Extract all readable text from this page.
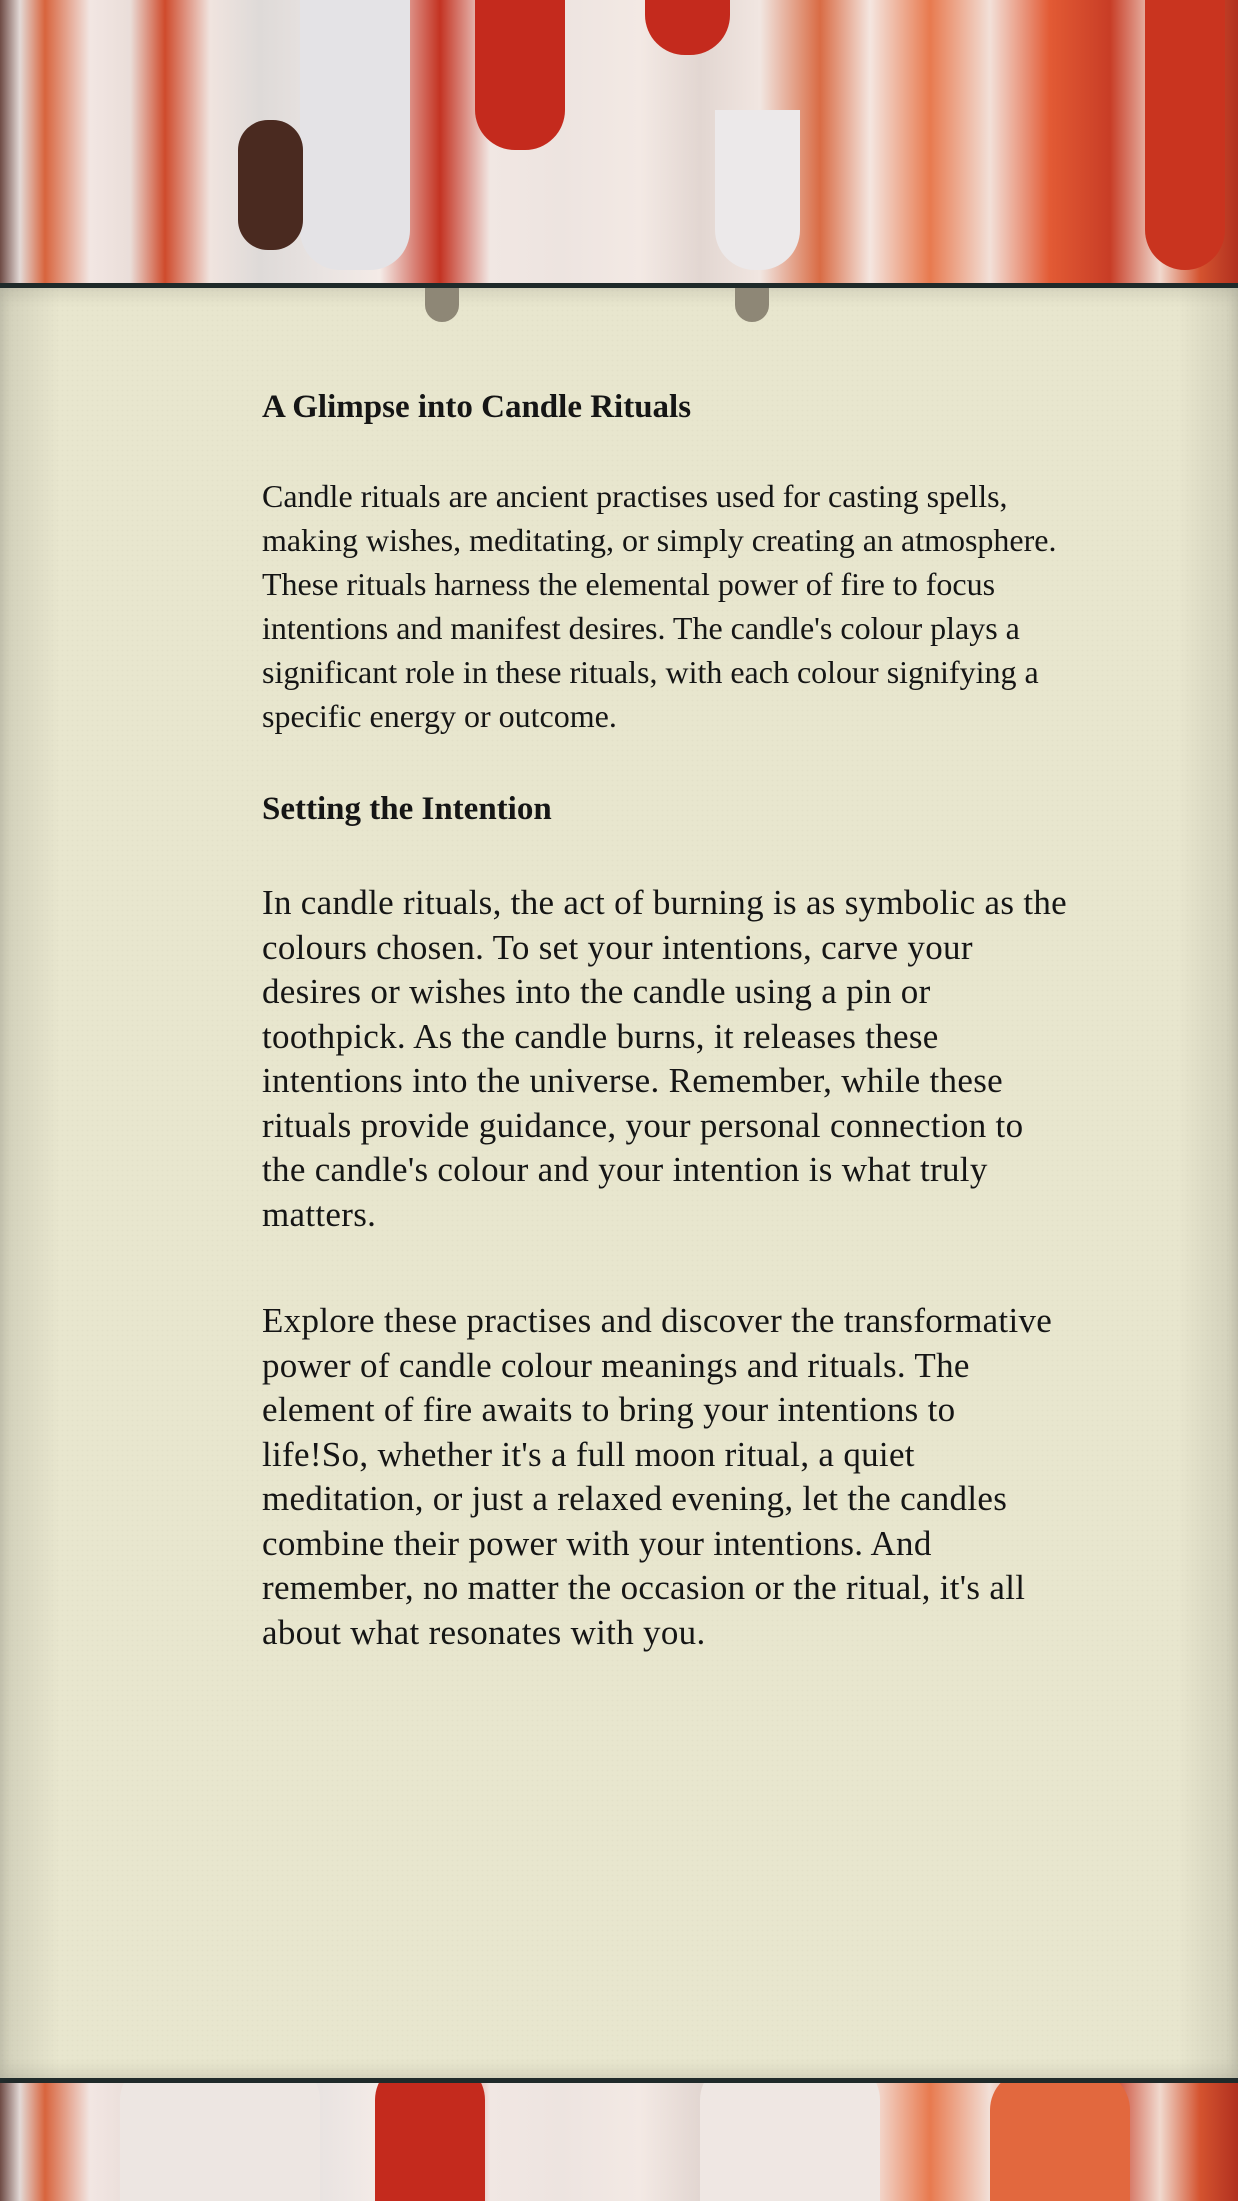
A Glimpse into Candle Rituals

Candle rituals are ancient practises used for casting spells, making wishes, meditating, or simply creating an atmosphere. These rituals harness the elemental power of fire to focus intentions and manifest desires. The candle's colour plays a significant role in these rituals, with each colour signifying a specific energy or outcome.

Setting the Intention

In candle rituals, the act of burning is as symbolic as the colours chosen. To set your intentions, carve your desires or wishes into the candle using a pin or toothpick. As the candle burns, it releases these intentions into the universe. Remember, while these rituals provide guidance, your personal connection to the candle's colour and your intention is what truly matters.

Explore these practises and discover the transformative power of candle colour meanings and rituals. The element of fire awaits to bring your intentions to life!So, whether it's a full moon ritual, a quiet meditation, or just a relaxed evening, let the candles combine their power with your intentions. And remember, no matter the occasion or the ritual, it's all about what resonates with you.
